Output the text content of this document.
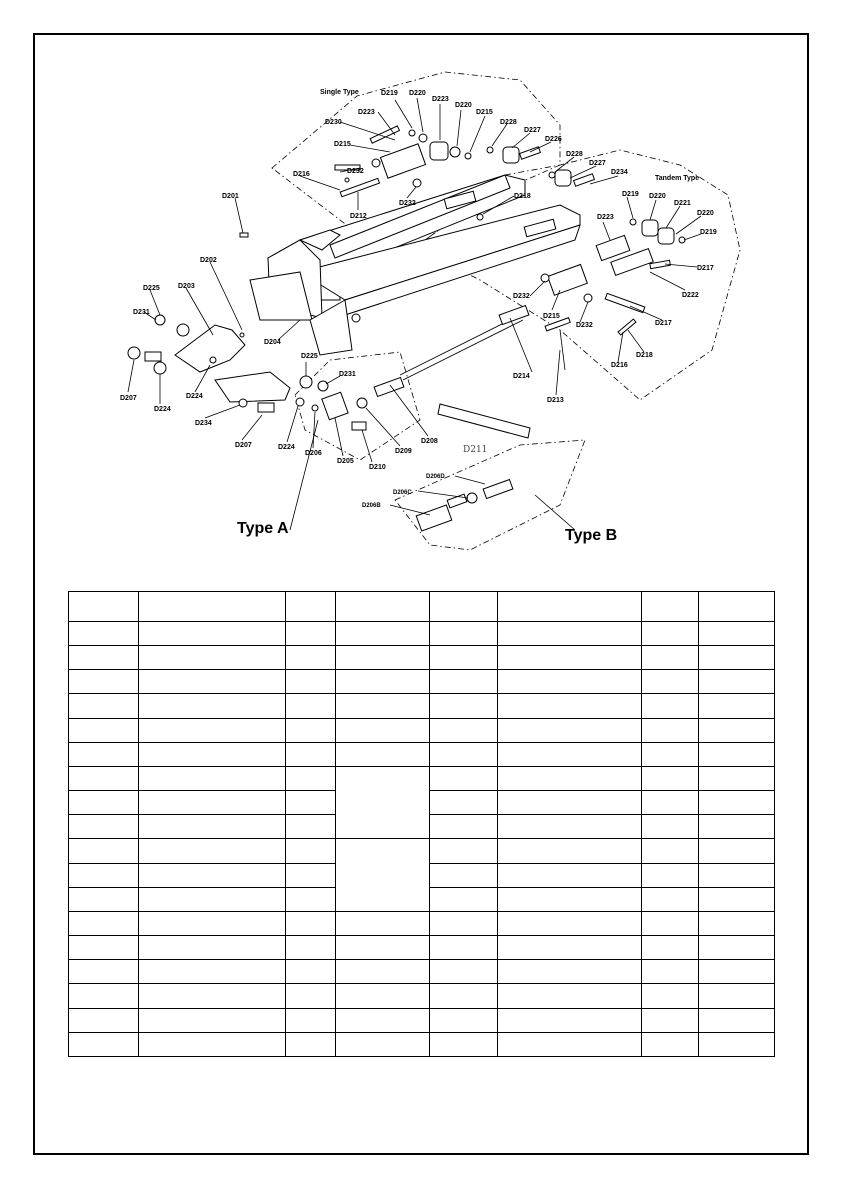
Single Type
Tandem Type
Type A	Type B
D201
D202
D203
D204
D205
D206
D206B
D206C
D206D
D207
D207
D208
D209
D210
D211
D212
D213
D214
D215
D215
D215
D216
D216
D217
D217
D218
D218
D219
D219
D219
D220
D220
D220
D220
D221
D222
D223
D223
D223
D224
D224
D224
D225
D225
D226
D227
D227
D228
D228
D230
D231
D231
D232
D232
D232
D232
D234
D234
